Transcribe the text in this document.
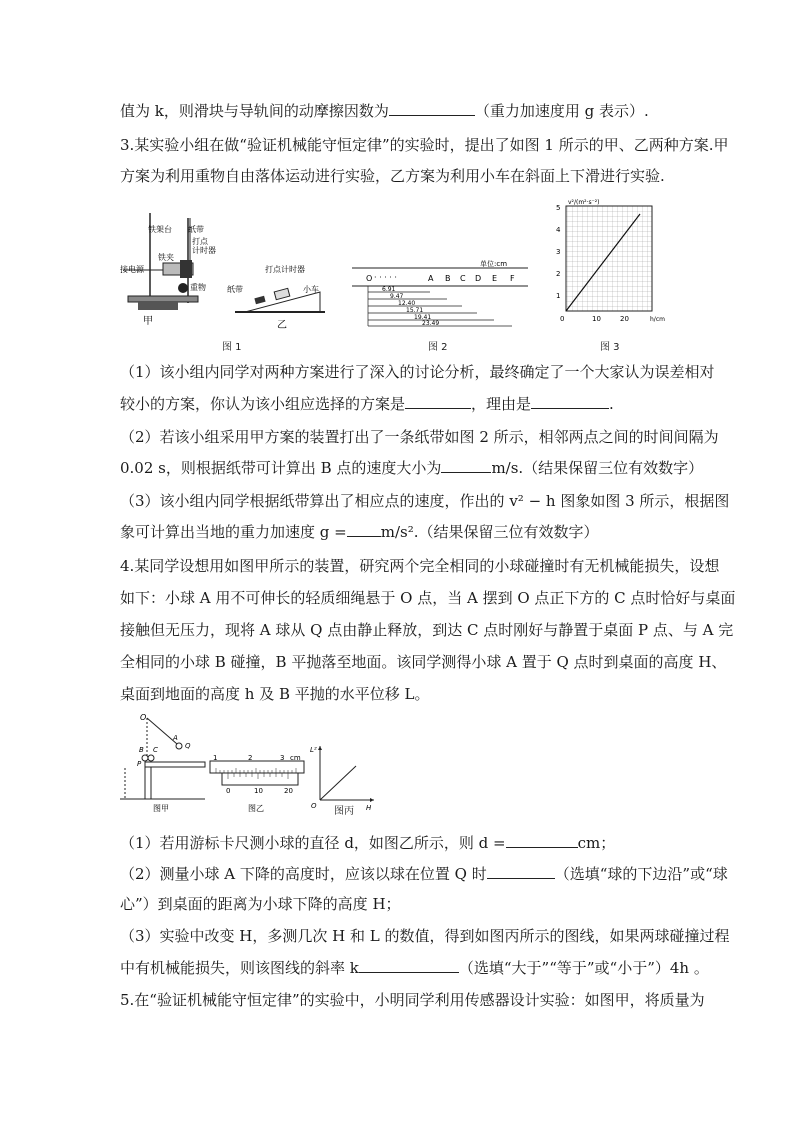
值为 k，则滑块与导轨间的动摩擦因数为	（重力加速度用 g 表示）.
3.某实验小组在做“验证机械能守恒定律”的实验时，提出了如图 1 所示的甲、乙两种方案.甲
方案为利用重物自由落体运动进行实验，乙方案为利用小车在斜面上下滑进行实验.
铁架台 纸带
打点
计时器
铁夹
接电源
重物
甲
打点计时器
纸带	小车
乙
图 1
单位:cm
O · · · · ·	A B C D E F
6.91
9.47
12.40
15.71
19.41
23.49
图 2
v²/(m²·s⁻²)
5
4
3
2
1
0	10	20	h/cm
图 3
（1）该小组内同学对两种方案进行了深入的讨论分析，最终确定了一个大家认为误差相对
较小的方案，你认为该小组应选择的方案是	，理由是	.
（2）若该小组采用甲方案的装置打出了一条纸带如图 2 所示，相邻两点之间的时间间隔为
0.02 s，则根据纸带可计算出 B 点的速度大小为	m/s.（结果保留三位有效数字）
（3）该小组内同学根据纸带算出了相应点的速度，作出的 v² − h 图象如图 3 所示，根据图
象可计算出当地的重力加速度 g = m/s².（结果保留三位有效数字）
4.某同学设想用如图甲所示的装置，研究两个完全相同的小球碰撞时有无机械能损失，设想
如下：小球 A 用不可伸长的轻质细绳悬于 O 点，当 A 摆到 O 点正下方的 C 点时恰好与桌面
接触但无压力，现将 A 球从 Q 点由静止释放，到达 C 点时刚好与静置于桌面 P 点、与 A 完
全相同的小球 B 碰撞，B 平抛落至地面。该同学测得小球 A 置于 Q 点时到桌面的高度 H、
桌面到地面的高度 h 及 B 平抛的水平位移 L。
O
A
Q
B C
P
图甲
1	2	3 cm
0	10	20
图乙
L²
H
O 图丙
（1）若用游标卡尺测小球的直径 d，如图乙所示，则 d =	cm；
（2）测量小球 A 下降的高度时，应该以球在位置 Q 时	（选填“球的下边沿”或“球
心”）到桌面的距离为小球下降的高度 H；
（3）实验中改变 H，多测几次 H 和 L 的数值，得到如图丙所示的图线，如果两球碰撞过程
中有机械能损失，则该图线的斜率 k	（选填“大于”“等于”或“小于”）4h 。
5.在“验证机械能守恒定律”的实验中，小明同学利用传感器设计实验：如图甲，将质量为
